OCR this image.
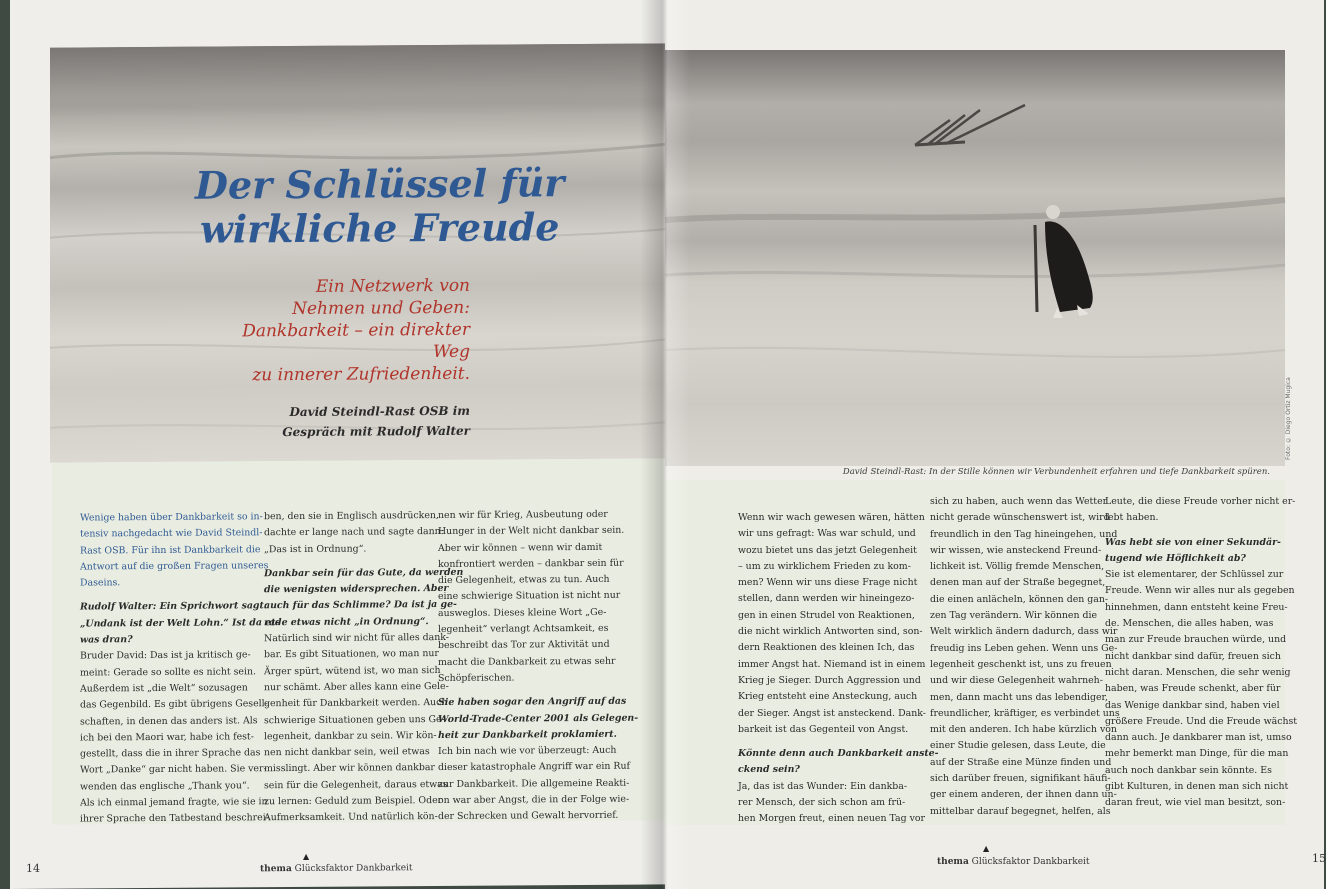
Der Schlüssel für
wirkliche Freude
Ein Netzwerk von
Nehmen und Geben:
Dankbarkeit – ein direkter Weg
zu innerer Zufriedenheit.
David Steindl-Rast OSB im
Gespräch mit Rudolf Walter
Wenige haben über Dankbarkeit so in-
tensiv nachgedacht wie David Steindl-
Rast OSB. Für ihn ist Dankbarkeit die
Antwort auf die großen Fragen unseres
Daseins.
Rudolf Walter: Ein Sprichwort sagt:
„Undank ist der Welt Lohn.“ Ist da et-
was dran?
Bruder David: Das ist ja kritisch ge-
meint: Gerade so sollte es nicht sein.
Außerdem ist „die Welt“ sozusagen
das Gegenbild. Es gibt übrigens Gesell-
schaften, in denen das anders ist. Als
ich bei den Maori war, habe ich fest-
gestellt, dass die in ihrer Sprache das
Wort „Danke“ gar nicht haben. Sie ver-
wenden das englische „Thank you“.
Als ich einmal jemand fragte, wie sie in
ihrer Sprache den Tatbestand beschrei-
ben, den sie in Englisch ausdrücken,
dachte er lange nach und sagte dann:
„Das ist in Ordnung“.
Dankbar sein für das Gute, da werden
die wenigsten widersprechen. Aber
auch für das Schlimme? Da ist ja ge-
rade etwas nicht „in Ordnung“.
Natürlich sind wir nicht für alles dank-
bar. Es gibt Situationen, wo man nur
Ärger spürt, wütend ist, wo man sich
nur schämt. Aber alles kann eine Gele-
genheit für Dankbarkeit werden. Auch
schwierige Situationen geben uns Ge-
legenheit, dankbar zu sein. Wir kön-
nen nicht dankbar sein, weil etwas
misslingt. Aber wir können dankbar
sein für die Gelegenheit, daraus etwas
zu lernen: Geduld zum Beispiel. Oder
Aufmerksamkeit. Und natürlich kön-
nen wir für Krieg, Ausbeutung oder
Hunger in der Welt nicht dankbar sein.
Aber wir können – wenn wir damit
konfrontiert werden – dankbar sein für
die Gelegenheit, etwas zu tun. Auch
eine schwierige Situation ist nicht nur
ausweglos. Dieses kleine Wort „Ge-
legenheit“ verlangt Achtsamkeit, es
beschreibt das Tor zur Aktivität und
macht die Dankbarkeit zu etwas sehr
Schöpferischen.
Sie haben sogar den Angriff auf das
World-Trade-Center 2001 als Gelegen-
heit zur Dankbarkeit proklamiert.
Ich bin nach wie vor überzeugt: Auch
dieser katastrophale Angriff war ein Ruf
zur Dankbarkeit. Die allgemeine Reakti-
on war aber Angst, die in der Folge wie-
der Schrecken und Gewalt hervorrief.
14
▲
thema Glücksfaktor Dankbarkeit
Foto: © Diego Ortiz Mugica
David Steindl-Rast: In der Stille können wir Verbundenheit erfahren und tiefe Dankbarkeit spüren.
Wenn wir wach gewesen wären, hätten
wir uns gefragt: Was war schuld, und
wozu bietet uns das jetzt Gelegenheit
– um zu wirklichem Frieden zu kom-
men? Wenn wir uns diese Frage nicht
stellen, dann werden wir hineingezo-
gen in einen Strudel von Reaktionen,
die nicht wirklich Antworten sind, son-
dern Reaktionen des kleinen Ich, das
immer Angst hat. Niemand ist in einem
Krieg je Sieger. Durch Aggression und
Krieg entsteht eine Ansteckung, auch
der Sieger. Angst ist ansteckend. Dank-
barkeit ist das Gegenteil von Angst.
Könnte denn auch Dankbarkeit anste-
ckend sein?
Ja, das ist das Wunder: Ein dankba-
rer Mensch, der sich schon am frü-
hen Morgen freut, einen neuen Tag vor
sich zu haben, auch wenn das Wetter
nicht gerade wünschenswert ist, wird
freundlich in den Tag hineingehen, und
wir wissen, wie ansteckend Freund-
lichkeit ist. Völlig fremde Menschen,
denen man auf der Straße begegnet,
die einen anlächeln, können den gan-
zen Tag verändern. Wir können die
Welt wirklich ändern dadurch, dass wir
freudig ins Leben gehen. Wenn uns Ge-
legenheit geschenkt ist, uns zu freuen
und wir diese Gelegenheit wahrneh-
men, dann macht uns das lebendiger,
freundlicher, kräftiger, es verbindet uns
mit den anderen. Ich habe kürzlich von
einer Studie gelesen, dass Leute, die
auf der Straße eine Münze finden und
sich darüber freuen, signifikant häufi-
ger einem anderen, der ihnen dann un-
mittelbar darauf begegnet, helfen, als
Leute, die diese Freude vorher nicht er-
lebt haben.
Was hebt sie von einer Sekundär-
tugend wie Höflichkeit ab?
Sie ist elementarer, der Schlüssel zur
Freude. Wenn wir alles nur als gegeben
hinnehmen, dann entsteht keine Freu-
de. Menschen, die alles haben, was
man zur Freude brauchen würde, und
nicht dankbar sind dafür, freuen sich
nicht daran. Menschen, die sehr wenig
haben, was Freude schenkt, aber für
das Wenige dankbar sind, haben viel
größere Freude. Und die Freude wächst
dann auch. Je dankbarer man ist, umso
mehr bemerkt man Dinge, für die man
auch noch dankbar sein könnte. Es
gibt Kulturen, in denen man sich nicht
daran freut, wie viel man besitzt, son-
▲
thema Glücksfaktor Dankbarkeit	15
